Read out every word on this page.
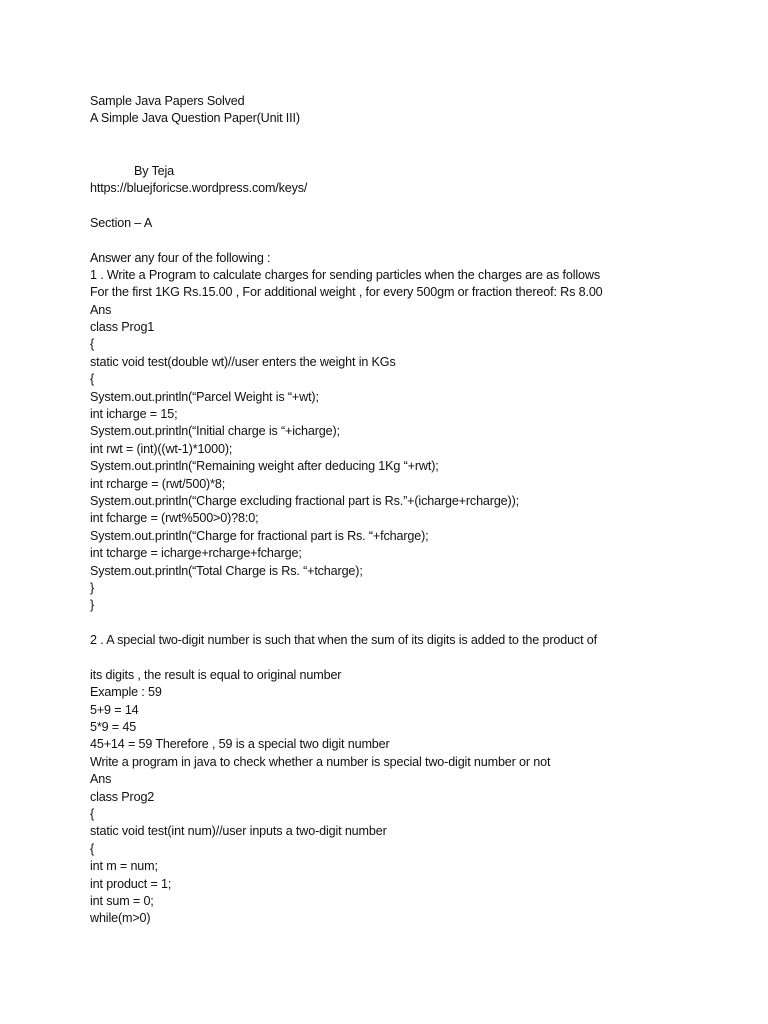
Sample Java Papers Solved
A Simple Java Question Paper(Unit III)
By Teja
https://bluejforicse.wordpress.com/keys/
Section – A
Answer any four of the following :
1 . Write a Program to calculate charges for sending particles when the charges are as follows
For the first 1KG Rs.15.00 , For additional weight , for every 500gm or fraction thereof: Rs 8.00
Ans
class Prog1
{
static void test(double wt)//user enters the weight in KGs
{
System.out.println(“Parcel Weight is “+wt);
int icharge = 15;
System.out.println(“Initial charge is “+icharge);
int rwt = (int)((wt-1)*1000);
System.out.println(“Remaining weight after deducing 1Kg “+rwt);
int rcharge = (rwt/500)*8;
System.out.println(“Charge excluding fractional part is Rs.”+(icharge+rcharge));
int fcharge = (rwt%500>0)?8:0;
System.out.println(“Charge for fractional part is Rs. “+fcharge);
int tcharge = icharge+rcharge+fcharge;
System.out.println(“Total Charge is Rs. “+tcharge);
}
}
2 . A special two-digit number is such that when the sum of its digits is added to the product of
its digits , the result is equal to original number
Example : 59
5+9 = 14
5*9 = 45
45+14 = 59 Therefore , 59 is a special two digit number
Write a program in java to check whether a number is special two-digit number or not
Ans
class Prog2
{
static void test(int num)//user inputs a two-digit number
{
int m = num;
int product = 1;
int sum = 0;
while(m>0)
